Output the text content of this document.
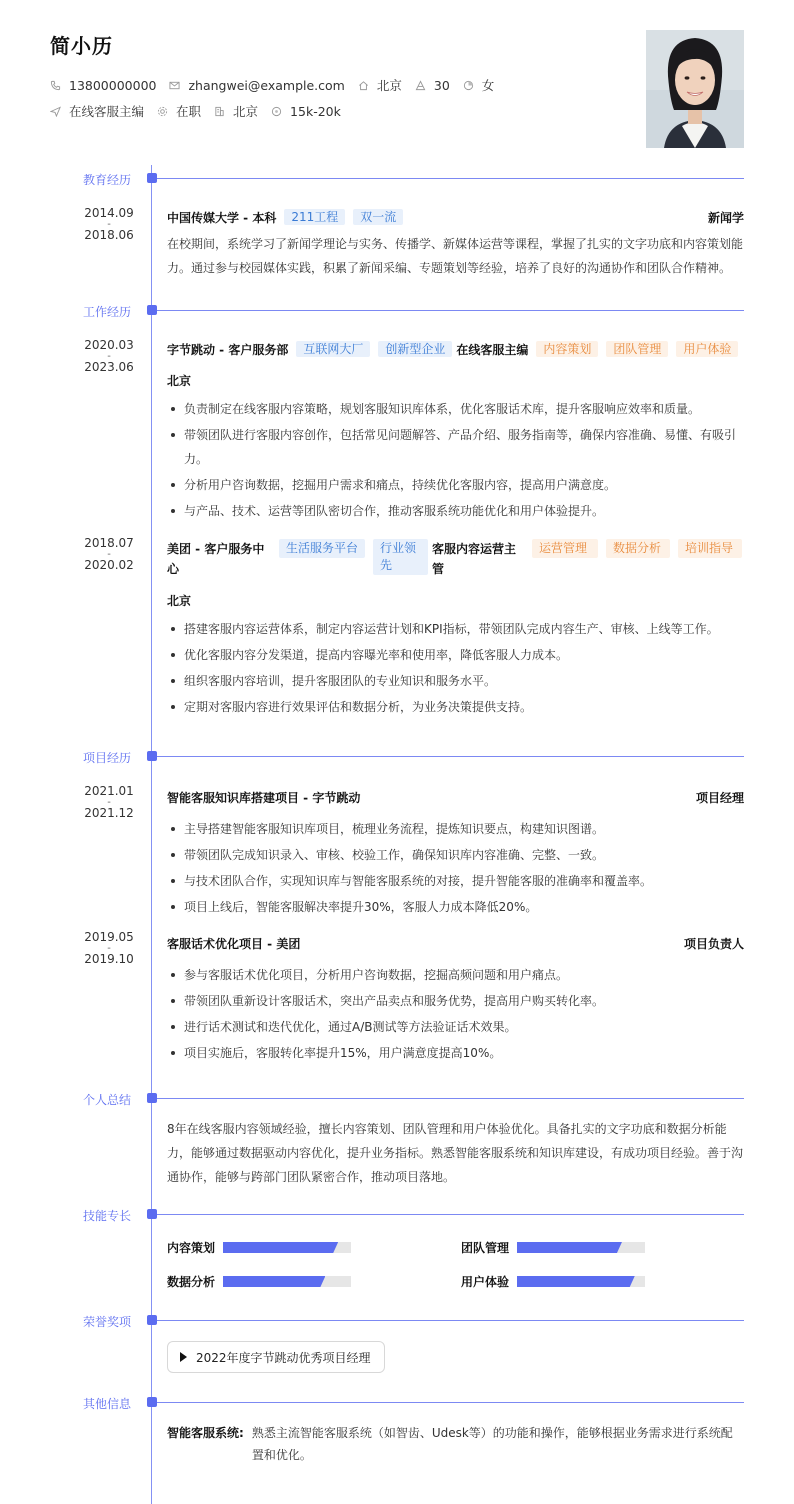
简小历
13800000000	zhangwei@example.com	北京	30	女
在线客服主编	在职	北京	15k-20k
教育经历
2014.09
-
2018.06
中国传媒大学 - 本科	211工程	双一流	新闻学
在校期间，系统学习了新闻学理论与实务、传播学、新媒体运营等课程，掌握了扎实的文字功底和内容策划能力。通过参与校园媒体实践，积累了新闻采编、专题策划等经验，培养了良好的沟通协作和团队合作精神。
工作经历
2020.03
-
2023.06
字节跳动 - 客户服务部	互联网大厂	创新型企业 在线客服主编	内容策划	团队管理	用户体验
北京
负责制定在线客服内容策略，规划客服知识库体系，优化客服话术库，提升客服响应效率和质量。
带领团队进行客服内容创作，包括常见问题解答、产品介绍、服务指南等，确保内容准确、易懂、有吸引力。
分析用户咨询数据，挖掘用户需求和痛点，持续优化客服内容，提高用户满意度。
与产品、技术、运营等团队密切合作，推动客服系统功能优化和用户体验提升。
2018.07
-
2020.02
美团 - 客户服务中心
生活服务平台	行业领先
客服内容运营主管
运营管理	数据分析	培训指导
北京
搭建客服内容运营体系，制定内容运营计划和KPI指标，带领团队完成内容生产、审核、上线等工作。
优化客服内容分发渠道，提高内容曝光率和使用率，降低客服人力成本。
组织客服内容培训，提升客服团队的专业知识和服务水平。
定期对客服内容进行效果评估和数据分析，为业务决策提供支持。
项目经历
2021.01
-
2021.12
智能客服知识库搭建项目 - 字节跳动	项目经理
主导搭建智能客服知识库项目，梳理业务流程，提炼知识要点，构建知识图谱。
带领团队完成知识录入、审核、校验工作，确保知识库内容准确、完整、一致。
与技术团队合作，实现知识库与智能客服系统的对接，提升智能客服的准确率和覆盖率。
项目上线后，智能客服解决率提升30%，客服人力成本降低20%。
2019.05
-
2019.10
客服话术优化项目 - 美团	项目负责人
参与客服话术优化项目，分析用户咨询数据，挖掘高频问题和用户痛点。
带领团队重新设计客服话术，突出产品卖点和服务优势，提高用户购买转化率。
进行话术测试和迭代优化，通过A/B测试等方法验证话术效果。
项目实施后，客服转化率提升15%，用户满意度提高10%。
个人总结
8年在线客服内容领域经验，擅长内容策划、团队管理和用户体验优化。具备扎实的文字功底和数据分析能力，能够通过数据驱动内容优化，提升业务指标。熟悉智能客服系统和知识库建设，有成功项目经验。善于沟通协作，能够与跨部门团队紧密合作，推动项目落地。
技能专长
内容策划	团队管理
数据分析	用户体验
荣誉奖项
2022年度字节跳动优秀项目经理
其他信息
智能客服系统: 熟悉主流智能客服系统（如智齿、Udesk等）的功能和操作，能够根据业务需求进行系统配置和优化。
